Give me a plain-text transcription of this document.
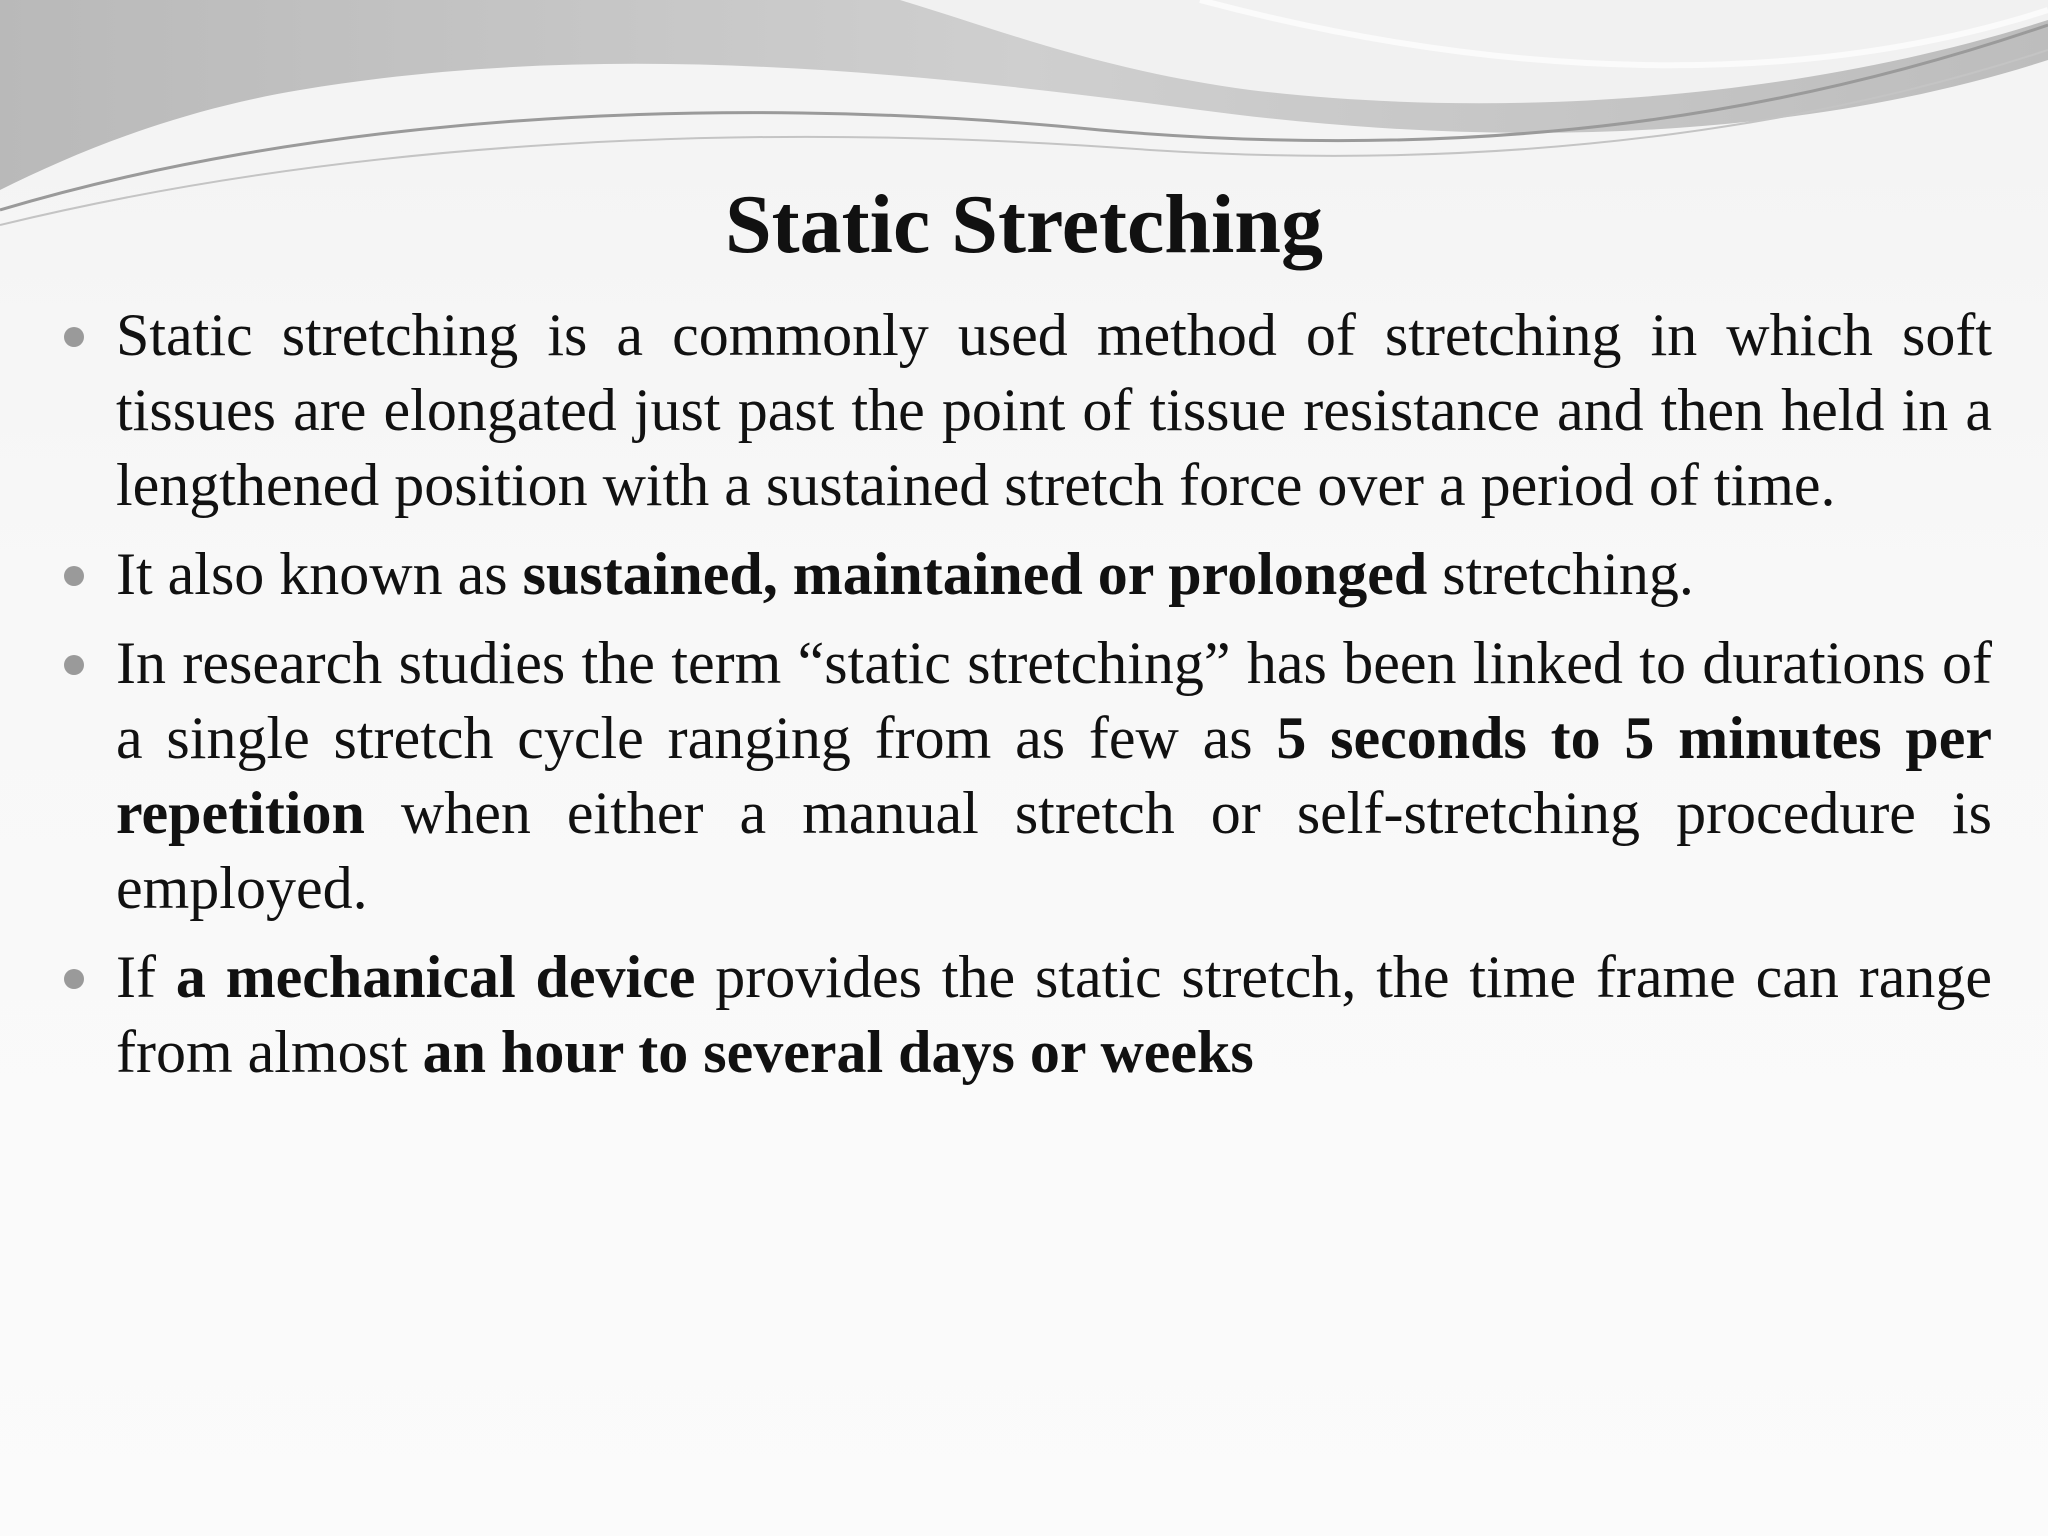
Static Stretching
Static stretching is a commonly used method of stretching in which soft tissues are elongated just past the point of tissue resistance and then held in a lengthened position with a sustained stretch force over a period of time.
It also known as sustained, maintained or prolonged stretching.
In research studies the term “static stretching” has been linked to durations of a single stretch cycle ranging from as few as 5 seconds to 5 minutes per repetition when either a manual stretch or self-stretching procedure is employed.
If a mechanical device provides the static stretch, the time frame can range from almost an hour to several days or weeks
